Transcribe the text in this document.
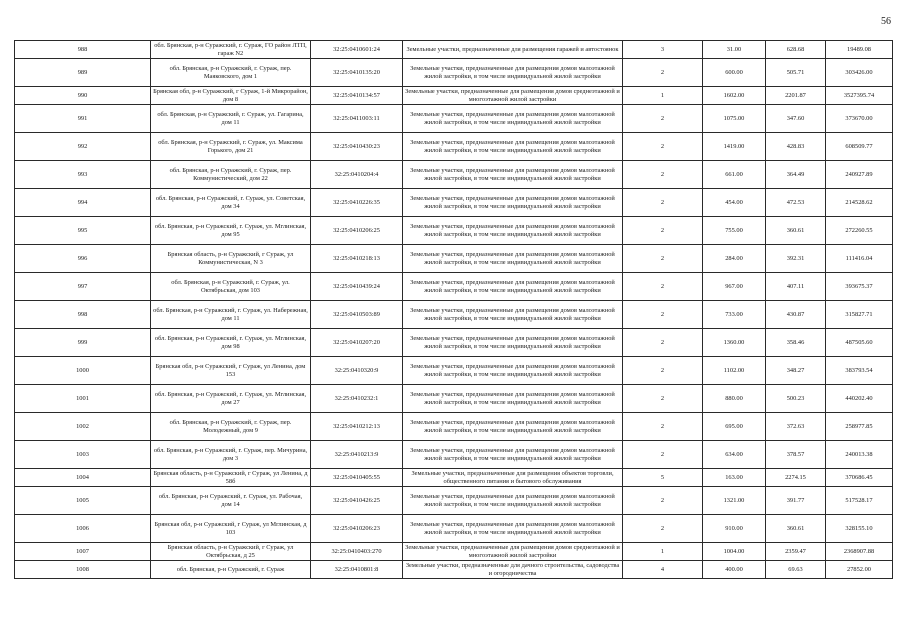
56
988	обл. Брянская, р-н Суражский, г. Сураж, ГО район ЛТП, гараж N2	32:25:0410601:24	Земельные участки, предназначенные для размещения гаражей и автостоянок	3	31.00	628.68	19489.08
989	обл. Брянская, р-н Суражский, г. Сураж, пер. Маяковского, дом 1	32:25:0410135:20	Земельные участки, предназначенные для размещения домов малоэтажной жилой застройки, в том числе индивидуальной жилой застройки	2	600.00	505.71	303426.00
990	Брянская обл, р-н Суражский, г Сураж, 1-й Микрорайон, дом 8	32:25:0410134:57	Земельные участки, предназначенные для размещения домов среднеэтажной и многоэтажной жилой застройки	1	1602.00	2201.87	3527395.74
991	обл. Брянская, р-н Суражский, г. Сураж, ул. Гагарина, дом 11	32:25:0411003:11	Земельные участки, предназначенные для размещения домов малоэтажной жилой застройки, в том числе индивидуальной жилой застройки	2	1075.00	347.60	373670.00
992	обл. Брянская, р-н Суражский, г. Сураж, ул. Максима Горького, дом 21	32:25:0410430:23	Земельные участки, предназначенные для размещения домов малоэтажной жилой застройки, в том числе индивидуальной жилой застройки	2	1419.00	428.83	608509.77
993	обл. Брянская, р-н Суражский, г. Сураж, пер. Коммунистический, дом 22	32:25:0410204:4	Земельные участки, предназначенные для размещения домов малоэтажной жилой застройки, в том числе индивидуальной жилой застройки	2	661.00	364.49	240927.89
994	обл. Брянская, р-н Суражский, г. Сураж, ул. Советская, дом 34	32:25:0410226:35	Земельные участки, предназначенные для размещения домов малоэтажной жилой застройки, в том числе индивидуальной жилой застройки	2	454.00	472.53	214528.62
995	обл. Брянская, р-н Суражский, г. Сураж, ул. Мглинская, дом 95	32:25:0410206:25	Земельные участки, предназначенные для размещения домов малоэтажной жилой застройки, в том числе индивидуальной жилой застройки	2	755.00	360.61	272260.55
996	Брянская область, р-н Суражский, г Сураж, ул Коммунистическая, N 3	32:25:0410218:13	Земельные участки, предназначенные для размещения домов малоэтажной жилой застройки, в том числе индивидуальной жилой застройки	2	284.00	392.31	111416.04
997	обл. Брянская, р-н Суражский, г. Сураж, ул. Октябрьская, дом 103	32:25:0410439:24	Земельные участки, предназначенные для размещения домов малоэтажной жилой застройки, в том числе индивидуальной жилой застройки	2	967.00	407.11	393675.37
998	обл. Брянская, р-н Суражский, г. Сураж, ул. Набережная, дом 11	32:25:0410503:89	Земельные участки, предназначенные для размещения домов малоэтажной жилой застройки, в том числе индивидуальной жилой застройки	2	733.00	430.87	315827.71
999	обл. Брянская, р-н Суражский, г. Сураж, ул. Мглинская, дом 98	32:25:0410207:20	Земельные участки, предназначенные для размещения домов малоэтажной жилой застройки, в том числе индивидуальной жилой застройки	2	1360.00	358.46	487505.60
1000	Брянская обл, р-н Суражский, г Сураж, ул Ленина, дом 153	32:25:0410320:9	Земельные участки, предназначенные для размещения домов малоэтажной жилой застройки, в том числе индивидуальной жилой застройки	2	1102.00	348.27	383793.54
1001	обл. Брянская, р-н Суражский, г. Сураж, ул. Мглинская, дом 27	32:25:0410232:1	Земельные участки, предназначенные для размещения домов малоэтажной жилой застройки, в том числе индивидуальной жилой застройки	2	880.00	500.23	440202.40
1002	обл. Брянская, р-н Суражский, г. Сураж, пер. Молодежный, дом 9	32:25:0410212:13	Земельные участки, предназначенные для размещения домов малоэтажной жилой застройки, в том числе индивидуальной жилой застройки	2	695.00	372.63	258977.85
1003	обл. Брянская, р-н Суражский, г. Сураж, пер. Мичурина, дом 3	32:25:0410213:9	Земельные участки, предназначенные для размещения домов малоэтажной жилой застройки, в том числе индивидуальной жилой застройки	2	634.00	378.57	240013.38
1004	Брянская область, р-н Суражский, г Сураж, ул Ленина, д 58б	32:25:0410405:55	Земельные участки, предназначенные для размещения объектов торговли, общественного питания и бытового обслуживания	5	163.00	2274.15	370686.45
1005	обл. Брянская, р-н Суражский, г. Сураж, ул. Рабочая, дом 14	32:25:0410426:25	Земельные участки, предназначенные для размещения домов малоэтажной жилой застройки, в том числе индивидуальной жилой застройки	2	1321.00	391.77	517528.17
1006	Брянская обл, р-н Суражский, г Сураж, ул Мглинская, д 103	32:25:0410206:23	Земельные участки, предназначенные для размещения домов малоэтажной жилой застройки, в том числе индивидуальной жилой застройки	2	910.00	360.61	328155.10
1007	Брянская область, р-н Суражский, г Сураж, ул Октябрьская, д 25	32:25:0410403:270	Земельные участки, предназначенные для размещения домов среднеэтажной и многоэтажной жилой застройки	1	1004.00	2359.47	2368907.88
1008	обл. Брянская, р-н Суражский, г. Сураж	32:25:0410801:8	Земельные участки, предназначенные для дачного строительства, садоводства и огородничества	4	400.00	69.63	27852.00
